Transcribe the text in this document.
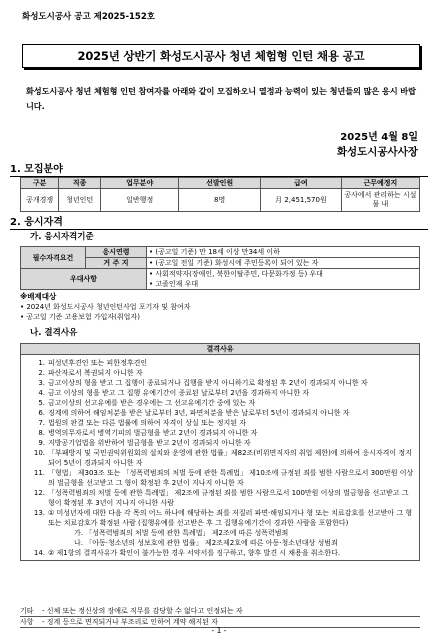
화성도시공사 공고 제2025-152호
2025년 상반기 화성도시공사 청년 체험형 인턴 채용 공고
화성도시공사 청년 체험형 인턴 참여자를 아래와 같이 모집하오니 열정과 능력이 있는 청년들의 많은 응시 바랍니다.
2025년 4월 8일
화성도시공사사장
1. 모집분야
구분	직종	업무분야	선발인원	급여	근무예정지
공개경쟁	청년인턴	일반행정	8명	月 2,451,570원	공사에서 관리하는 시설물 내
2. 응시자격
가. 응시자격기준
필수자격요건	응시연령	• (공고일 기준) 만 18세 이상 만34세 이하
	거 주 지	• (공고일 전일 기준) 화성시에 주민등록이 되어 있는 자
우대사항		• 사회적약자(장애인, 북한이탈주민, 다문화가정 등) 우대
• 고졸인재 우대
※배제대상
• 2024년 화성도시공사 청년인턴사업 포기자 및 참여자
• 공고일 기준 고용보험 가입자(취업자)
나. 결격사유
결격사유

1. 피성년후견인 또는 피한정후견인
2. 파산자로서 복권되지 아니한 자
3. 금고이상의 형을 받고 그 집행이 종료되거나 집행을 받지 아니하기로 확정된 후 2년이 경과되지 아니한 자
4. 금고 이상의 형을 받고 그 집행 유예기간이 종료된 날로부터 2년을 경과하지 아니한 자
5. 금고이상의 선고유예를 받은 경우에는 그 선고유예기간 중에 있는 자
6. 징계에 의하여 해임처분을 받은 날로부터 3년, 파면처분을 받은 날로부터 5년이 경과되지 아니한 자
7. 법원의 판결 또는 다른 법률에 의하여 자격이 상실 또는 정지된 자
8. 병역의무자로서 병역기피의 벌금형을 받고 2년이 경과되지 아니한 자
9. 지방공기업법을 위반하여 벌금형을 받고 2년이 경과되지 아니한 자
10. 「부패방지 및 국민권익위원회의 설치와 운영에 관한 법률」제82조(비위면직자의 취업 제한)에 의하여 응시자격이 정지되어 5년이 경과되지 아니한 자
11. 「형법」 제303조 또는 「성폭력범죄의 처벌 등에 관한 특례법」 제10조에 규정된 죄를 범한 사람으로서 300만원 이상의 벌금형을 선고받고 그 형이 확정된 후 2년이 지나지 아니한 자
12. 「성폭력범죄의 처벌 등에 관한 특례법」 제2조에 규정된 죄를 범한 사람으로서 100만원 이상의 벌금형을 선고받고 그 형이 확정된 후 3년이 지나지 아니한 사람
13. ① 미성년자에 대한 다음 각 목의 어느 하나에 해당하는 죄를 저질러 파면·해임되거나 형 또는 치료감호를 선고받아 그 형 또는 치료감호가 확정된 사람 (집행유예를 선고받은 후 그 집행유예기간이 경과한 사람을 포함한다)
가. 「성폭력범죄의 처벌 등에 관한 특례법」 제2조에 따른 성폭력범죄
나. 「아동·청소년의 성보호에 관한 법률」 제2조제2호에 따른 아동·청소년대상 성범죄
14. ② 제1항의 결격사유가 확인이 불가능한 경우 서약서를 징구하고, 향후 발견 시 채용을 취소한다.
기타	- 신체 또는 정신상의 장애로 직무를 감당할 수 없다고 인정되는 자
사항	- 징계 등으로 면직되거나 부조리로 인하여 계약 해지된 자
- 1 -
